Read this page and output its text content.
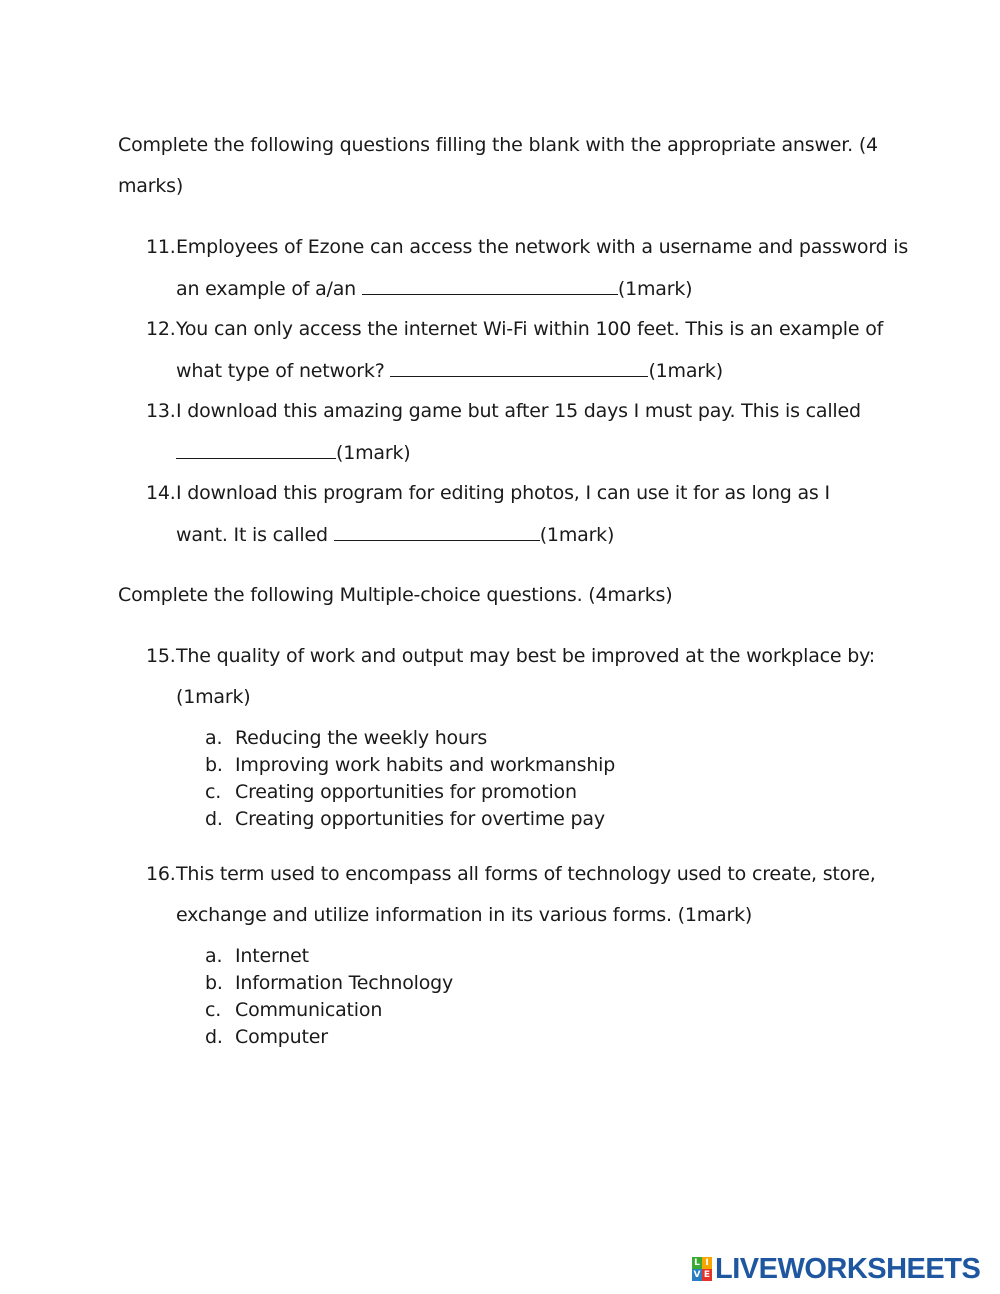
Complete the following questions filling the blank with the appropriate answer. (4
marks)
11.Employees of Ezone can access the network with a username and password is
an example of a/an	(1mark)
12.You can only access the internet Wi-Fi within 100 feet. This is an example of
what type of network?	(1mark)
13.I download this amazing game but after 15 days I must pay. This is called
(1mark)
14.I download this program for editing photos, I can use it for as long as I
want. It is called	(1mark)
Complete the following Multiple-choice questions. (4marks)
15.The quality of work and output may best be improved at the workplace by:
(1mark)
a. Reducing the weekly hours
b. Improving work habits and workmanship
c. Creating opportunities for promotion
d. Creating opportunities for overtime pay
16.This term used to encompass all forms of technology used to create, store,
exchange and utilize information in its various forms. (1mark)
a. Internet
b. Information Technology
c. Communication
d. Computer
L I
V E LIVEWORKSHEETS
